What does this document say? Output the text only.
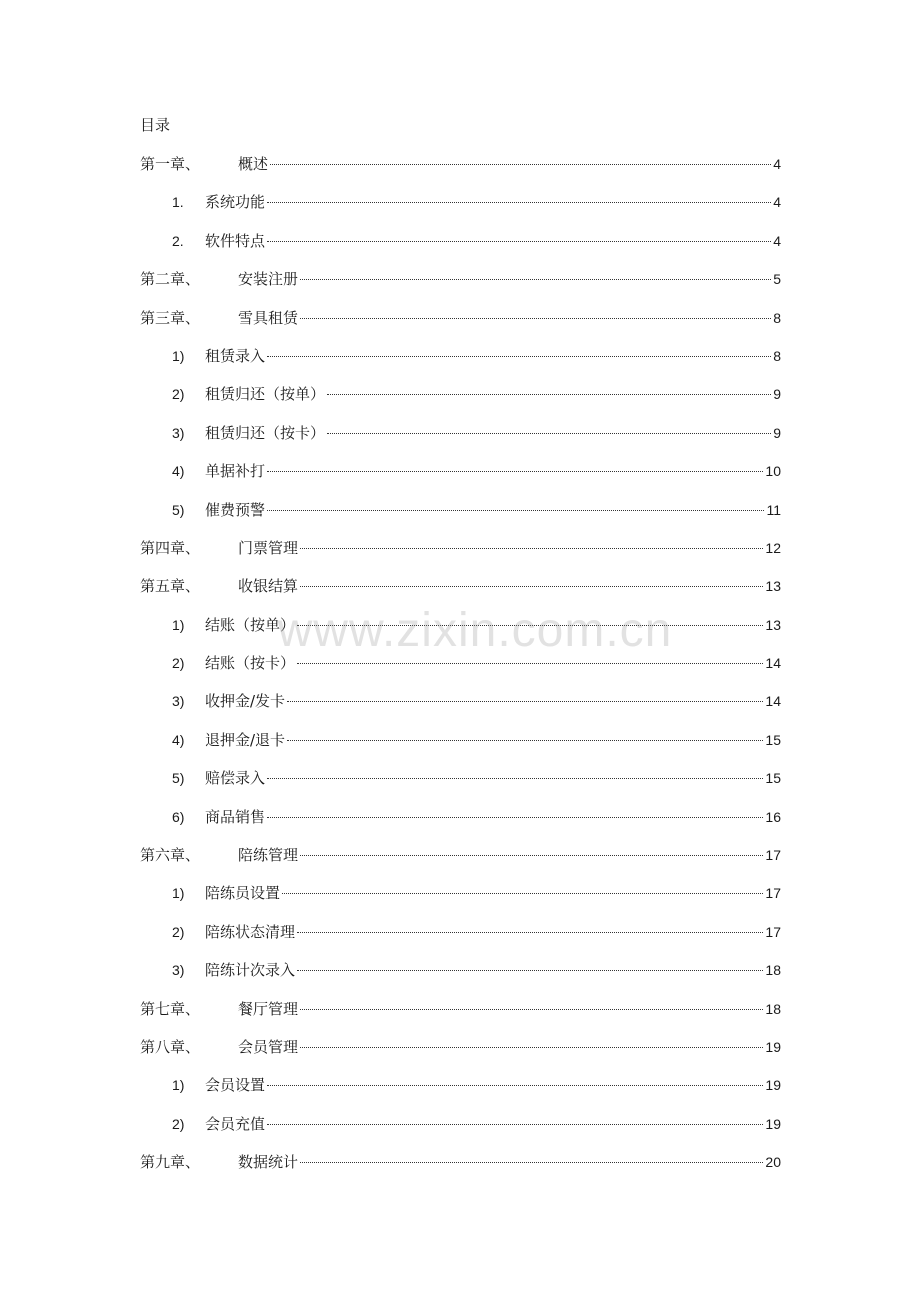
目录
第一章、	概述	4
1.	系统功能	4
2.	软件特点	4
第二章、	安装注册	5
第三章、	雪具租赁	8
1)	租赁录入	8
2)	租赁归还（按单）	9
3)	租赁归还（按卡）	9
4)	单据补打	10
5)	催费预警	11
第四章、	门票管理	12
第五章、	收银结算	13
1)	结账（按单）	13
2)	结账（按卡）	14
3)	收押金/发卡	14
4)	退押金/退卡	15
5)	赔偿录入	15
6)	商品销售	16
第六章、	陪练管理	17
1)	陪练员设置	17
2)	陪练状态清理	17
3)	陪练计次录入	18
第七章、	餐厅管理	18
第八章、	会员管理	19
1)	会员设置	19
2)	会员充值	19
第九章、	数据统计	20
www.zixin.com.cn
